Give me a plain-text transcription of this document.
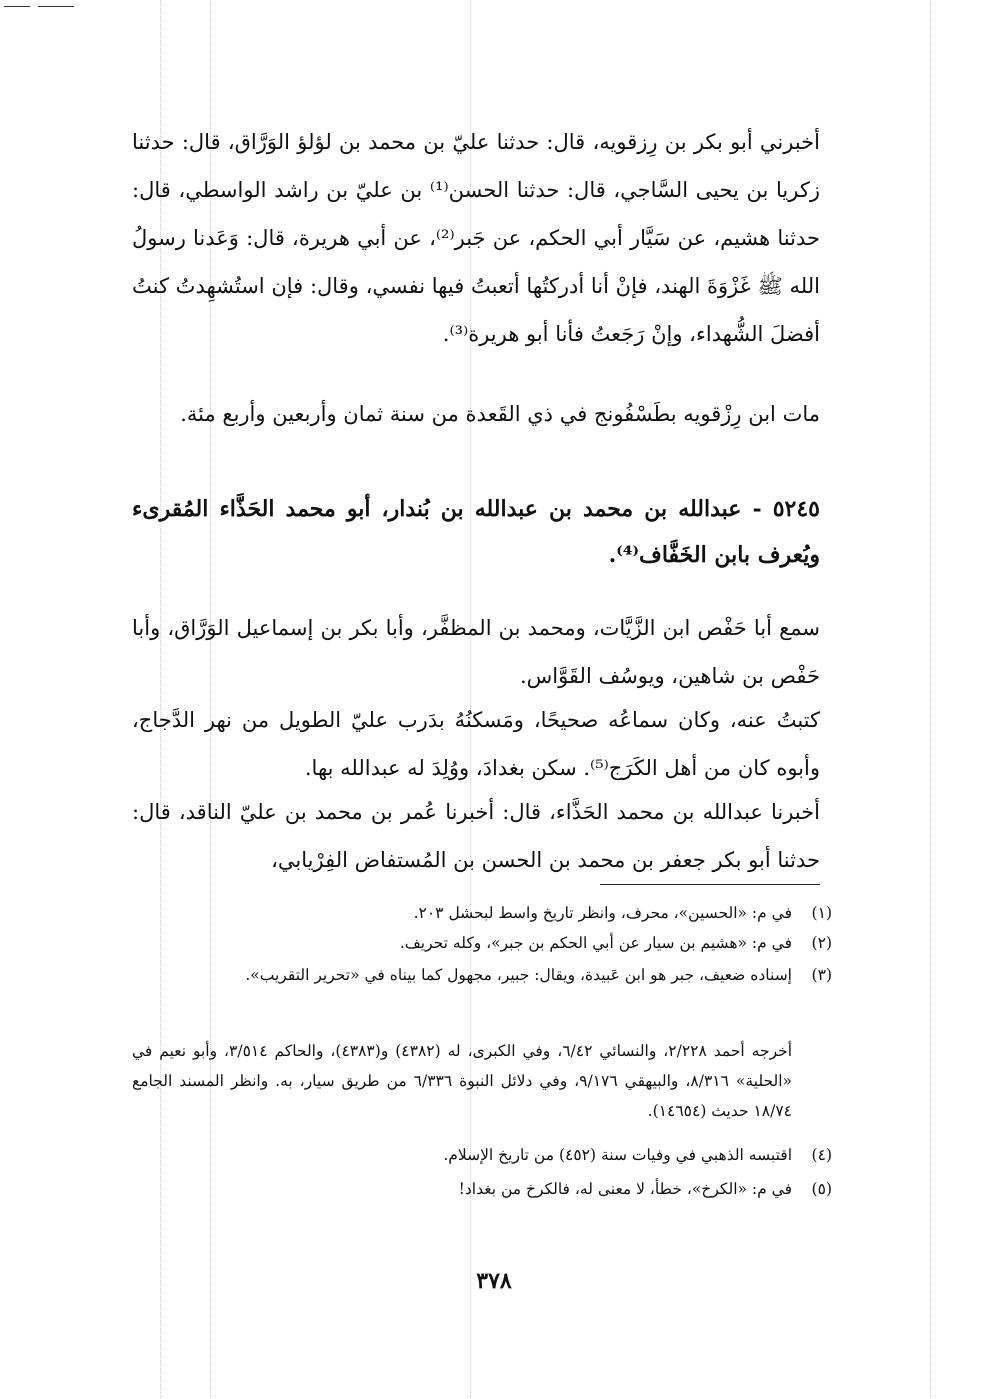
أخبرني أبو بكر بن رِزقويه، قال: حدثنا عليّ بن محمد بن لؤلؤ الوَرَّاق، قال: حدثنا زكريا بن يحيى السَّاجي، قال: حدثنا الحسن⁽¹⁾ بن عليّ بن راشد الواسطي، قال: حدثنا هشيم، عن سَيَّار أبي الحكم، عن جَبر⁽²⁾، عن أبي هريرة، قال: وَعَدنا رسولُ الله ﷺ غَزْوَةَ الهند، فإنْ أنا أدركتُها أتعبتُ فيها نفسي، وقال: فإن استُشهِدتُ كنتُ أفضلَ الشُّهداء، وإنْ رَجَعتُ فأنا أبو هريرة⁽³⁾.
مات ابن رِزْقويه بطَسْفُونج في ذي القَعدة من سنة ثمان وأربعين وأربع مئة.
٥٢٤٥ - عبدالله بن محمد بن عبدالله بن بُندار، أبو محمد الحَذَّاء المُقرىء ويُعرف بابن الخَفَّاف⁽⁴⁾.
سمع أبا حَفْص ابن الزَّيَّات، ومحمد بن المظفَّر، وأبا بكر بن إسماعيل الوَرَّاق، وأبا حَفْص بن شاهين، ويوسُف القَوَّاس.
كتبتُ عنه، وكان سماعُه صحيحًا، ومَسكنُهُ بدَرب عليّ الطويل من نهر الدَّجاج، وأبوه كان من أهل الكَرَج⁽⁵⁾. سكن بغدادَ، ووُلِدَ له عبدالله بها.
أخبرنا عبدالله بن محمد الحَذَّاء، قال: أخبرنا عُمر بن محمد بن عليّ الناقد، قال: حدثنا أبو بكر جعفر بن محمد بن الحسن بن المُستفاض الفِرْيابي،
(١)في م: «الحسين»، محرف، وانظر تاريخ واسط لبحشل ٢٠٣.
(٢)في م: «هشيم بن سيار عن أبي الحكم بن جبر»، وكله تحريف.
(٣)إسناده ضعيف، جبر هو ابن عَبيدة، ويقال: جبير، مجهول كما بيناه في «تحرير التقريب».
أخرجه أحمد ٢/٢٢٨، والنسائي ٦/٤٢، وفي الكبرى، له (٤٣٨٢) و(٤٣٨٣)، والحاكم ٣/٥١٤، وأبو نعيم في «الحلية» ٨/٣١٦، والبيهقي ٩/١٧٦، وفي دلائل النبوة ٦/٣٣٦ من طريق سيار، به. وانظر المسند الجامع ١٨/٧٤ حديث (١٤٦٥٤).
(٤)اقتبسه الذهبي في وفيات سنة (٤٥٢) من تاريخ الإسلام.
(٥)في م: «الكرخ»، خطأ، لا معنى له، فالكرخ من بغداد!
٣٧٨
